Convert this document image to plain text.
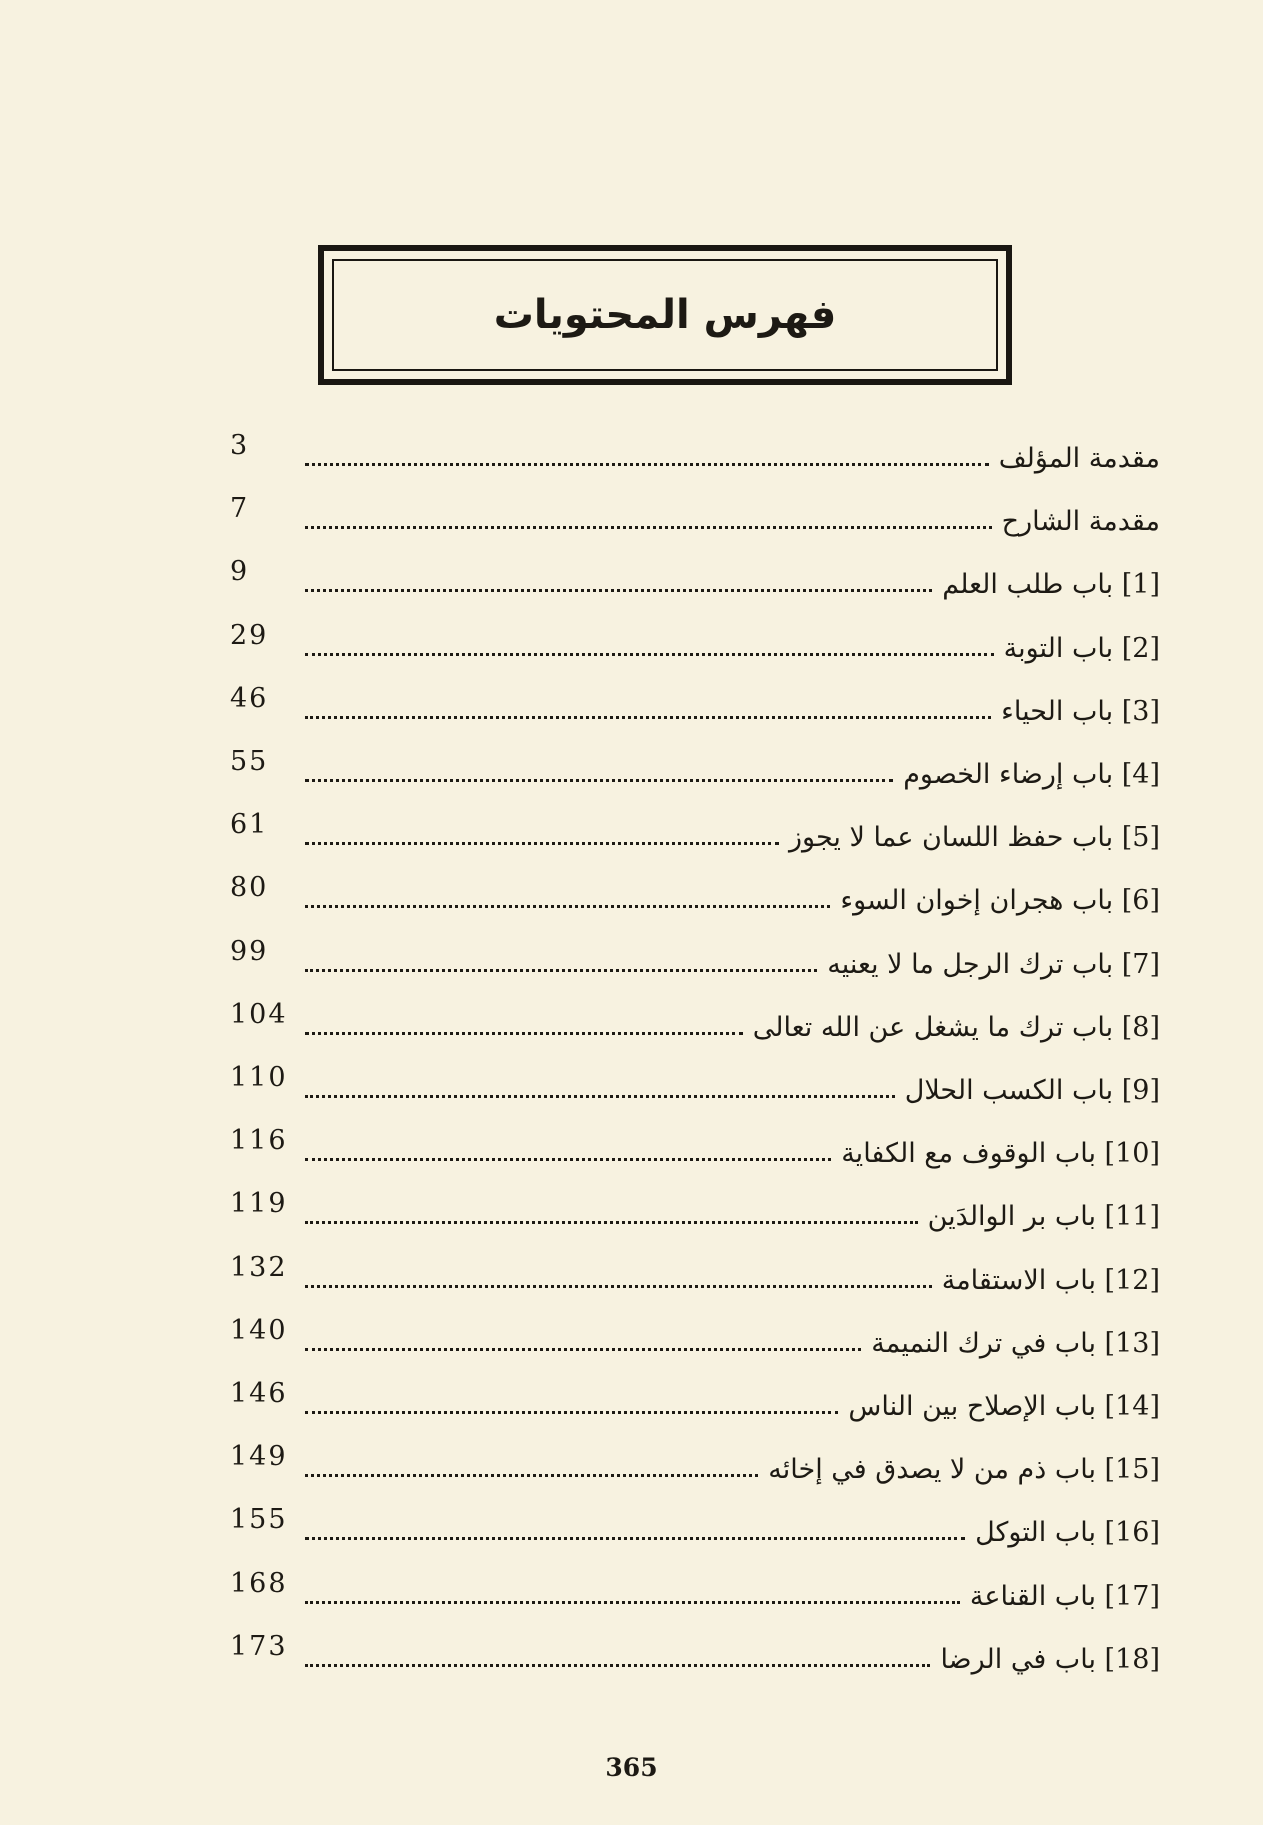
فهرس المحتويات
3	مقدمة المؤلف
7	مقدمة الشارح
9	[1] باب طلب العلم
29	[2] باب التوبة
46	[3] باب الحياء
55	[4] باب إرضاء الخصوم
61	[5] باب حفظ اللسان عما لا يجوز
80	[6] باب هجران إخوان السوء
99	[7] باب ترك الرجل ما لا يعنيه
104	[8] باب ترك ما يشغل عن الله تعالى
110	[9] باب الكسب الحلال
116	[10] باب الوقوف مع الكفاية
119	[11] باب بر الوالدَين
132	[12] باب الاستقامة
140	[13] باب في ترك النميمة
146	[14] باب الإصلاح بين الناس
149	[15] باب ذم من لا يصدق في إخائه
155	[16] باب التوكل
168	[17] باب القناعة
173	[18] باب في الرضا
365
